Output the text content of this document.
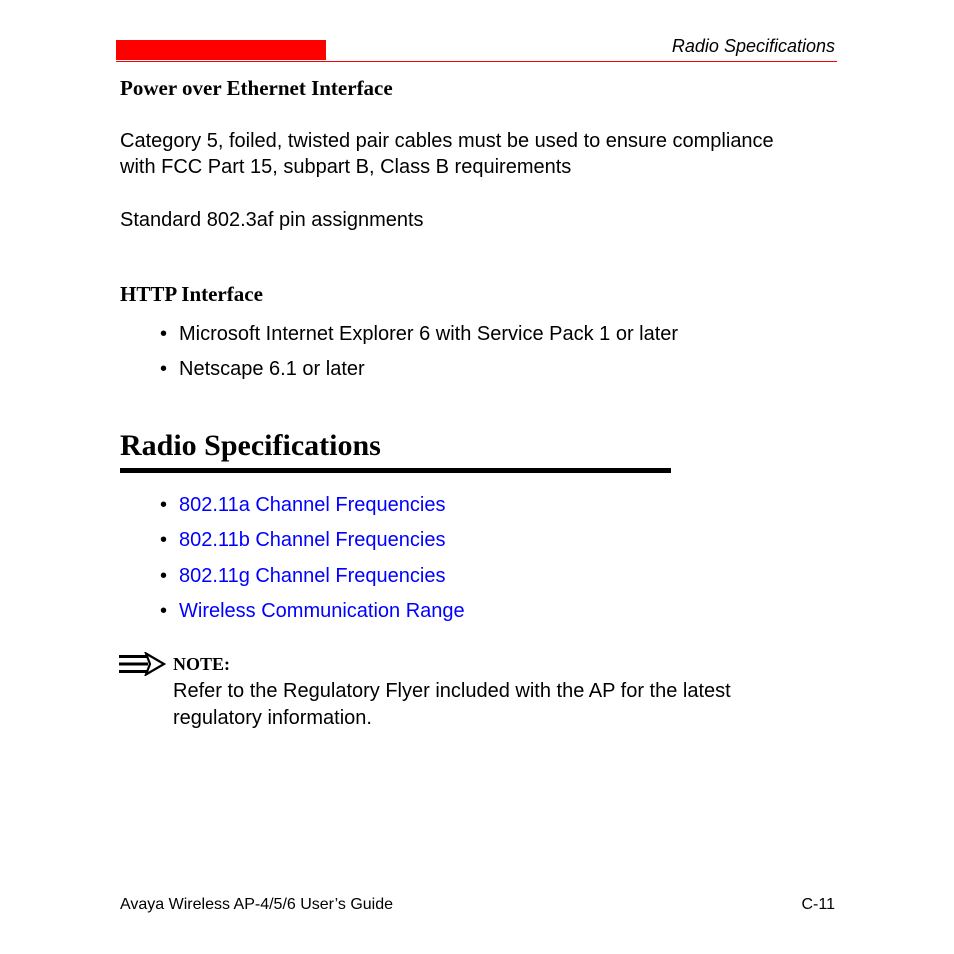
Radio Specifications
Power over Ethernet Interface
Category 5, foiled, twisted pair cables must be used to ensure compliance
with FCC Part 15, subpart B, Class B requirements
Standard 802.3af pin assignments
HTTP Interface
• Microsoft Internet Explorer 6 with Service Pack 1 or later
• Netscape 6.1 or later
Radio Specifications
• 802.11a Channel Frequencies
• 802.11b Channel Frequencies
• 802.11g Channel Frequencies
• Wireless Communication Range
NOTE:
Refer to the Regulatory Flyer included with the AP for the latest
regulatory information.
Avaya Wireless AP-4/5/6 User’s Guide	C-11
